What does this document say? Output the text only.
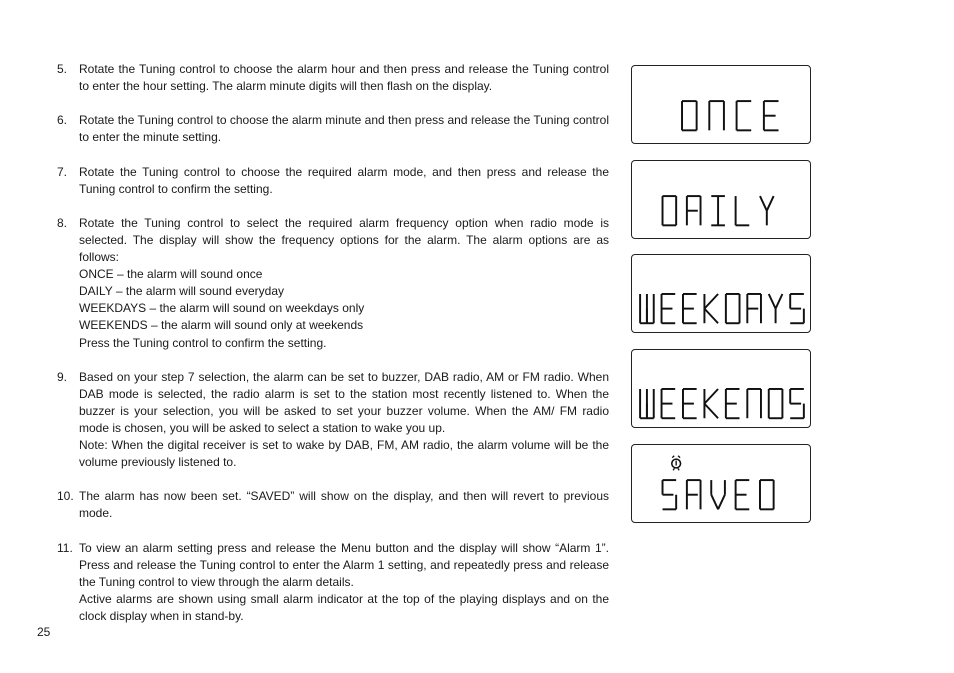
5. Rotate the Tuning control to choose the alarm hour and then press and release the Tuning control to enter the hour setting. The alarm minute digits will then flash on the display.

6. Rotate the Tuning control to choose the alarm minute and then press and release the Tuning control to enter the minute setting.

7. Rotate the Tuning control to choose the required alarm mode, and then press and release the Tuning control to confirm the setting.

8. Rotate the Tuning control to select the required alarm frequency option when radio mode is selected. The display will show the frequency options for the alarm. The alarm options are as follows:

ONCE – the alarm will sound once

DAILY – the alarm will sound everyday

WEEKDAYS – the alarm will sound on weekdays only

WEEKENDS – the alarm will sound only at weekends

Press the Tuning control to confirm the setting.

9. Based on your step 7 selection, the alarm can be set to buzzer, DAB radio, AM or FM radio. When DAB mode is selected, the radio alarm is set to the station most recently listened to. When the buzzer is your selection, you will be asked to set your buzzer volume. When the AM/ FM radio mode is chosen, you will be asked to select a station to wake you up.

Note: When the digital receiver is set to wake by DAB, FM, AM radio, the alarm volume will be the volume previously listened to.

10. The alarm has now been set. “SAVED” will show on the display, and then will revert to previous mode.

11. To view an alarm setting press and release the Menu button and the display will show “Alarm 1”. Press and release the Tuning control to enter the Alarm 1 setting, and repeatedly press and release the Tuning control to view through the alarm details.

Active alarms are shown using small alarm indicator at the top of the playing displays and on the clock display when in stand-by.

25
